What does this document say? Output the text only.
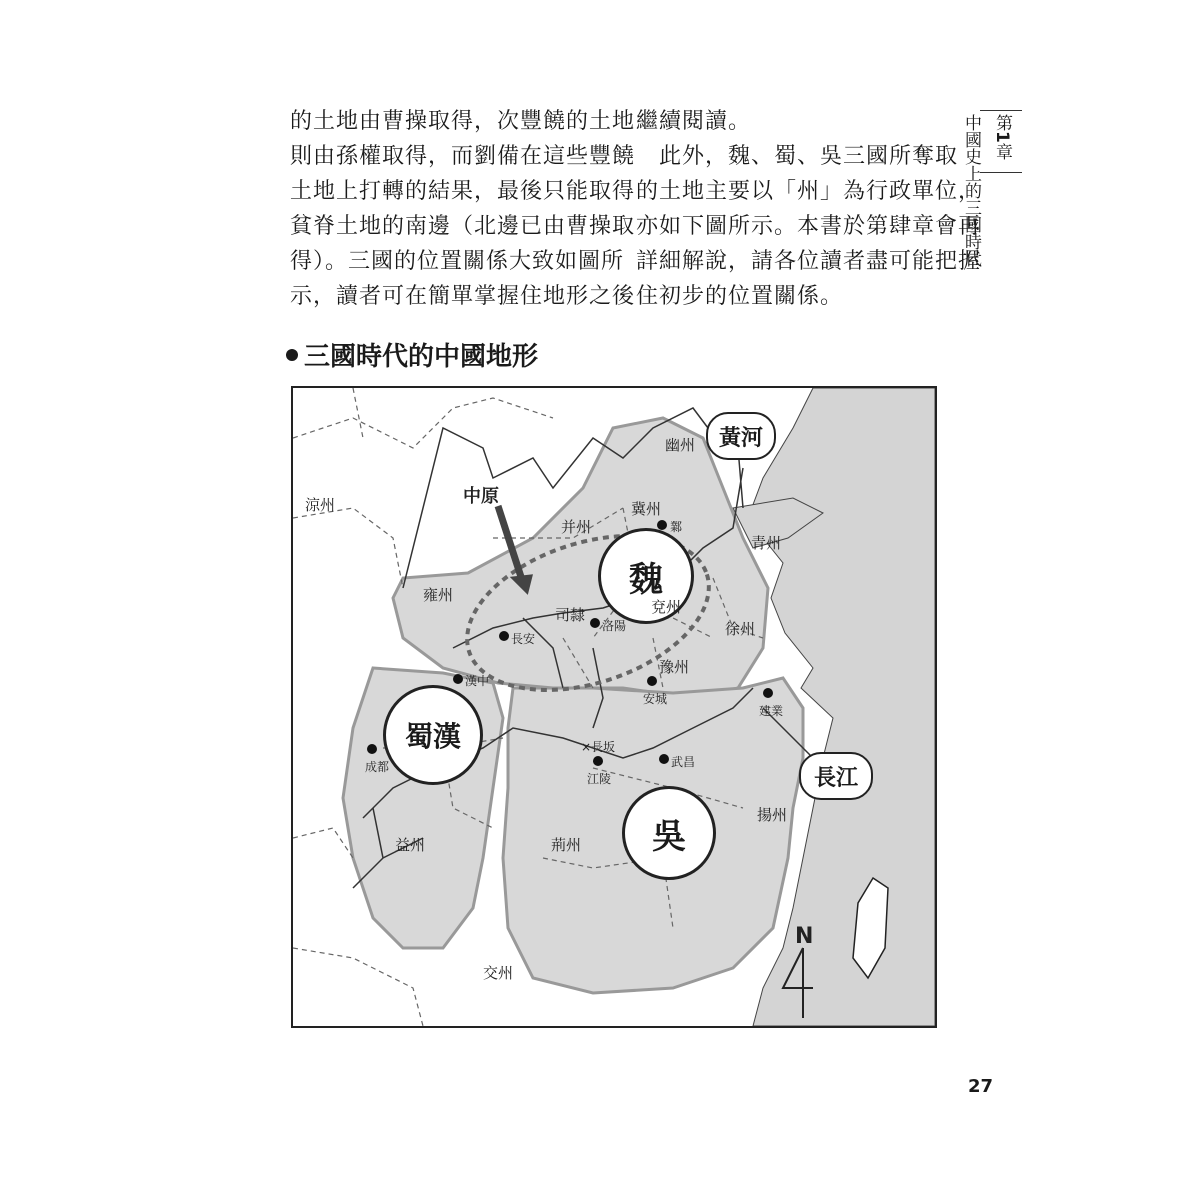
的土地由曹操取得，次豐饒的土地

則由孫權取得，而劉備在這些豐饒

土地上打轉的結果，最後只能取得

貧脊土地的南邊（北邊已由曹操取

得）。三國的位置關係大致如圖所

示，讀者可在簡單掌握住地形之後

繼續閱讀。

　此外，魏、蜀、吳三國所奪取

的土地主要以「州」為行政單位，

亦如下圖所示。本書於第肆章會再

詳細解說，請各位讀者盡可能把握

住初步的位置關係。

第1章
中國史上的三國時代
三國時代的中國地形
黃河
長江
魏
蜀漢
吳
中原
涼州
幽州
冀州
并州
青州
雍州
司隸	兗州
徐州
豫州
揚州
荊州
益州
交州
鄴
長安
洛陽
漢中
安城
建業
成都
×長坂
江陵
武昌
N
27
